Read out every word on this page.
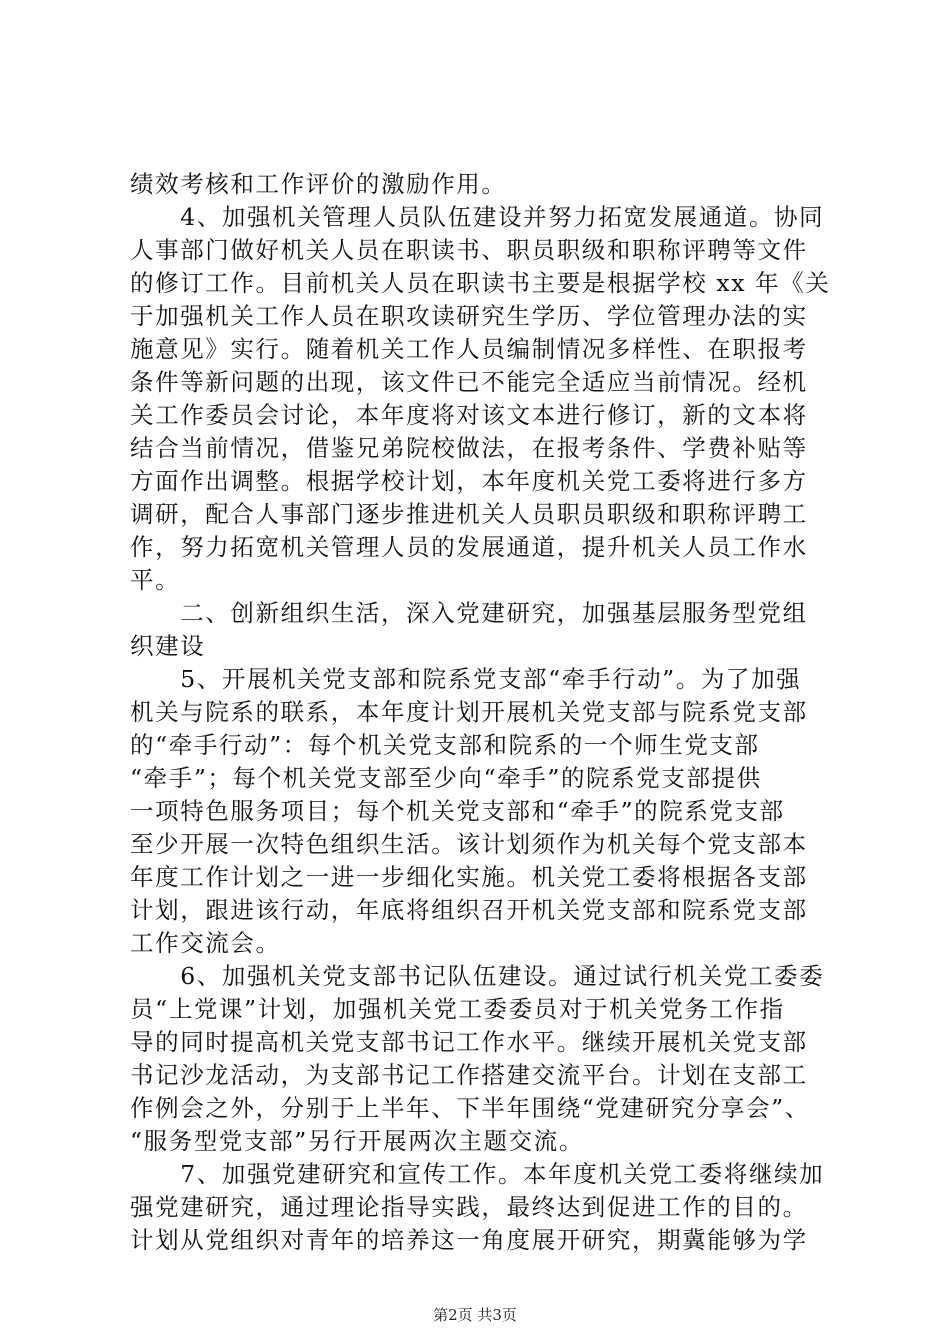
绩效考核和工作评价的激励作用。
　　4、加强机关管理人员队伍建设并努力拓宽发展通道。协同
人事部门做好机关人员在职读书、职员职级和职称评聘等文件
的修订工作。目前机关人员在职读书主要是根据学校 xx 年《关
于加强机关工作人员在职攻读研究生学历、学位管理办法的实
施意见》实行。随着机关工作人员编制情况多样性、在职报考
条件等新问题的出现，该文件已不能完全适应当前情况。经机
关工作委员会讨论，本年度将对该文本进行修订，新的文本将
结合当前情况，借鉴兄弟院校做法，在报考条件、学费补贴等
方面作出调整。根据学校计划，本年度机关党工委将进行多方
调研，配合人事部门逐步推进机关人员职员职级和职称评聘工
作，努力拓宽机关管理人员的发展通道，提升机关人员工作水
平。
　　二、创新组织生活，深入党建研究，加强基层服务型党组
织建设
　　5、开展机关党支部和院系党支部“牵手行动”。为了加强
机关与院系的联系，本年度计划开展机关党支部与院系党支部
的“牵手行动”：每个机关党支部和院系的一个师生党支部
“牵手”；每个机关党支部至少向“牵手”的院系党支部提供
一项特色服务项目；每个机关党支部和“牵手”的院系党支部
至少开展一次特色组织生活。该计划须作为机关每个党支部本
年度工作计划之一进一步细化实施。机关党工委将根据各支部
计划，跟进该行动，年底将组织召开机关党支部和院系党支部
工作交流会。
　　6、加强机关党支部书记队伍建设。通过试行机关党工委委
员“上党课”计划，加强机关党工委委员对于机关党务工作指
导的同时提高机关党支部书记工作水平。继续开展机关党支部
书记沙龙活动，为支部书记工作搭建交流平台。计划在支部工
作例会之外，分别于上半年、下半年围绕“党建研究分享会”、
“服务型党支部”另行开展两次主题交流。
　　7、加强党建研究和宣传工作。本年度机关党工委将继续加
强党建研究，通过理论指导实践，最终达到促进工作的目的。
计划从党组织对青年的培养这一角度展开研究，期冀能够为学
第2页 共3页
